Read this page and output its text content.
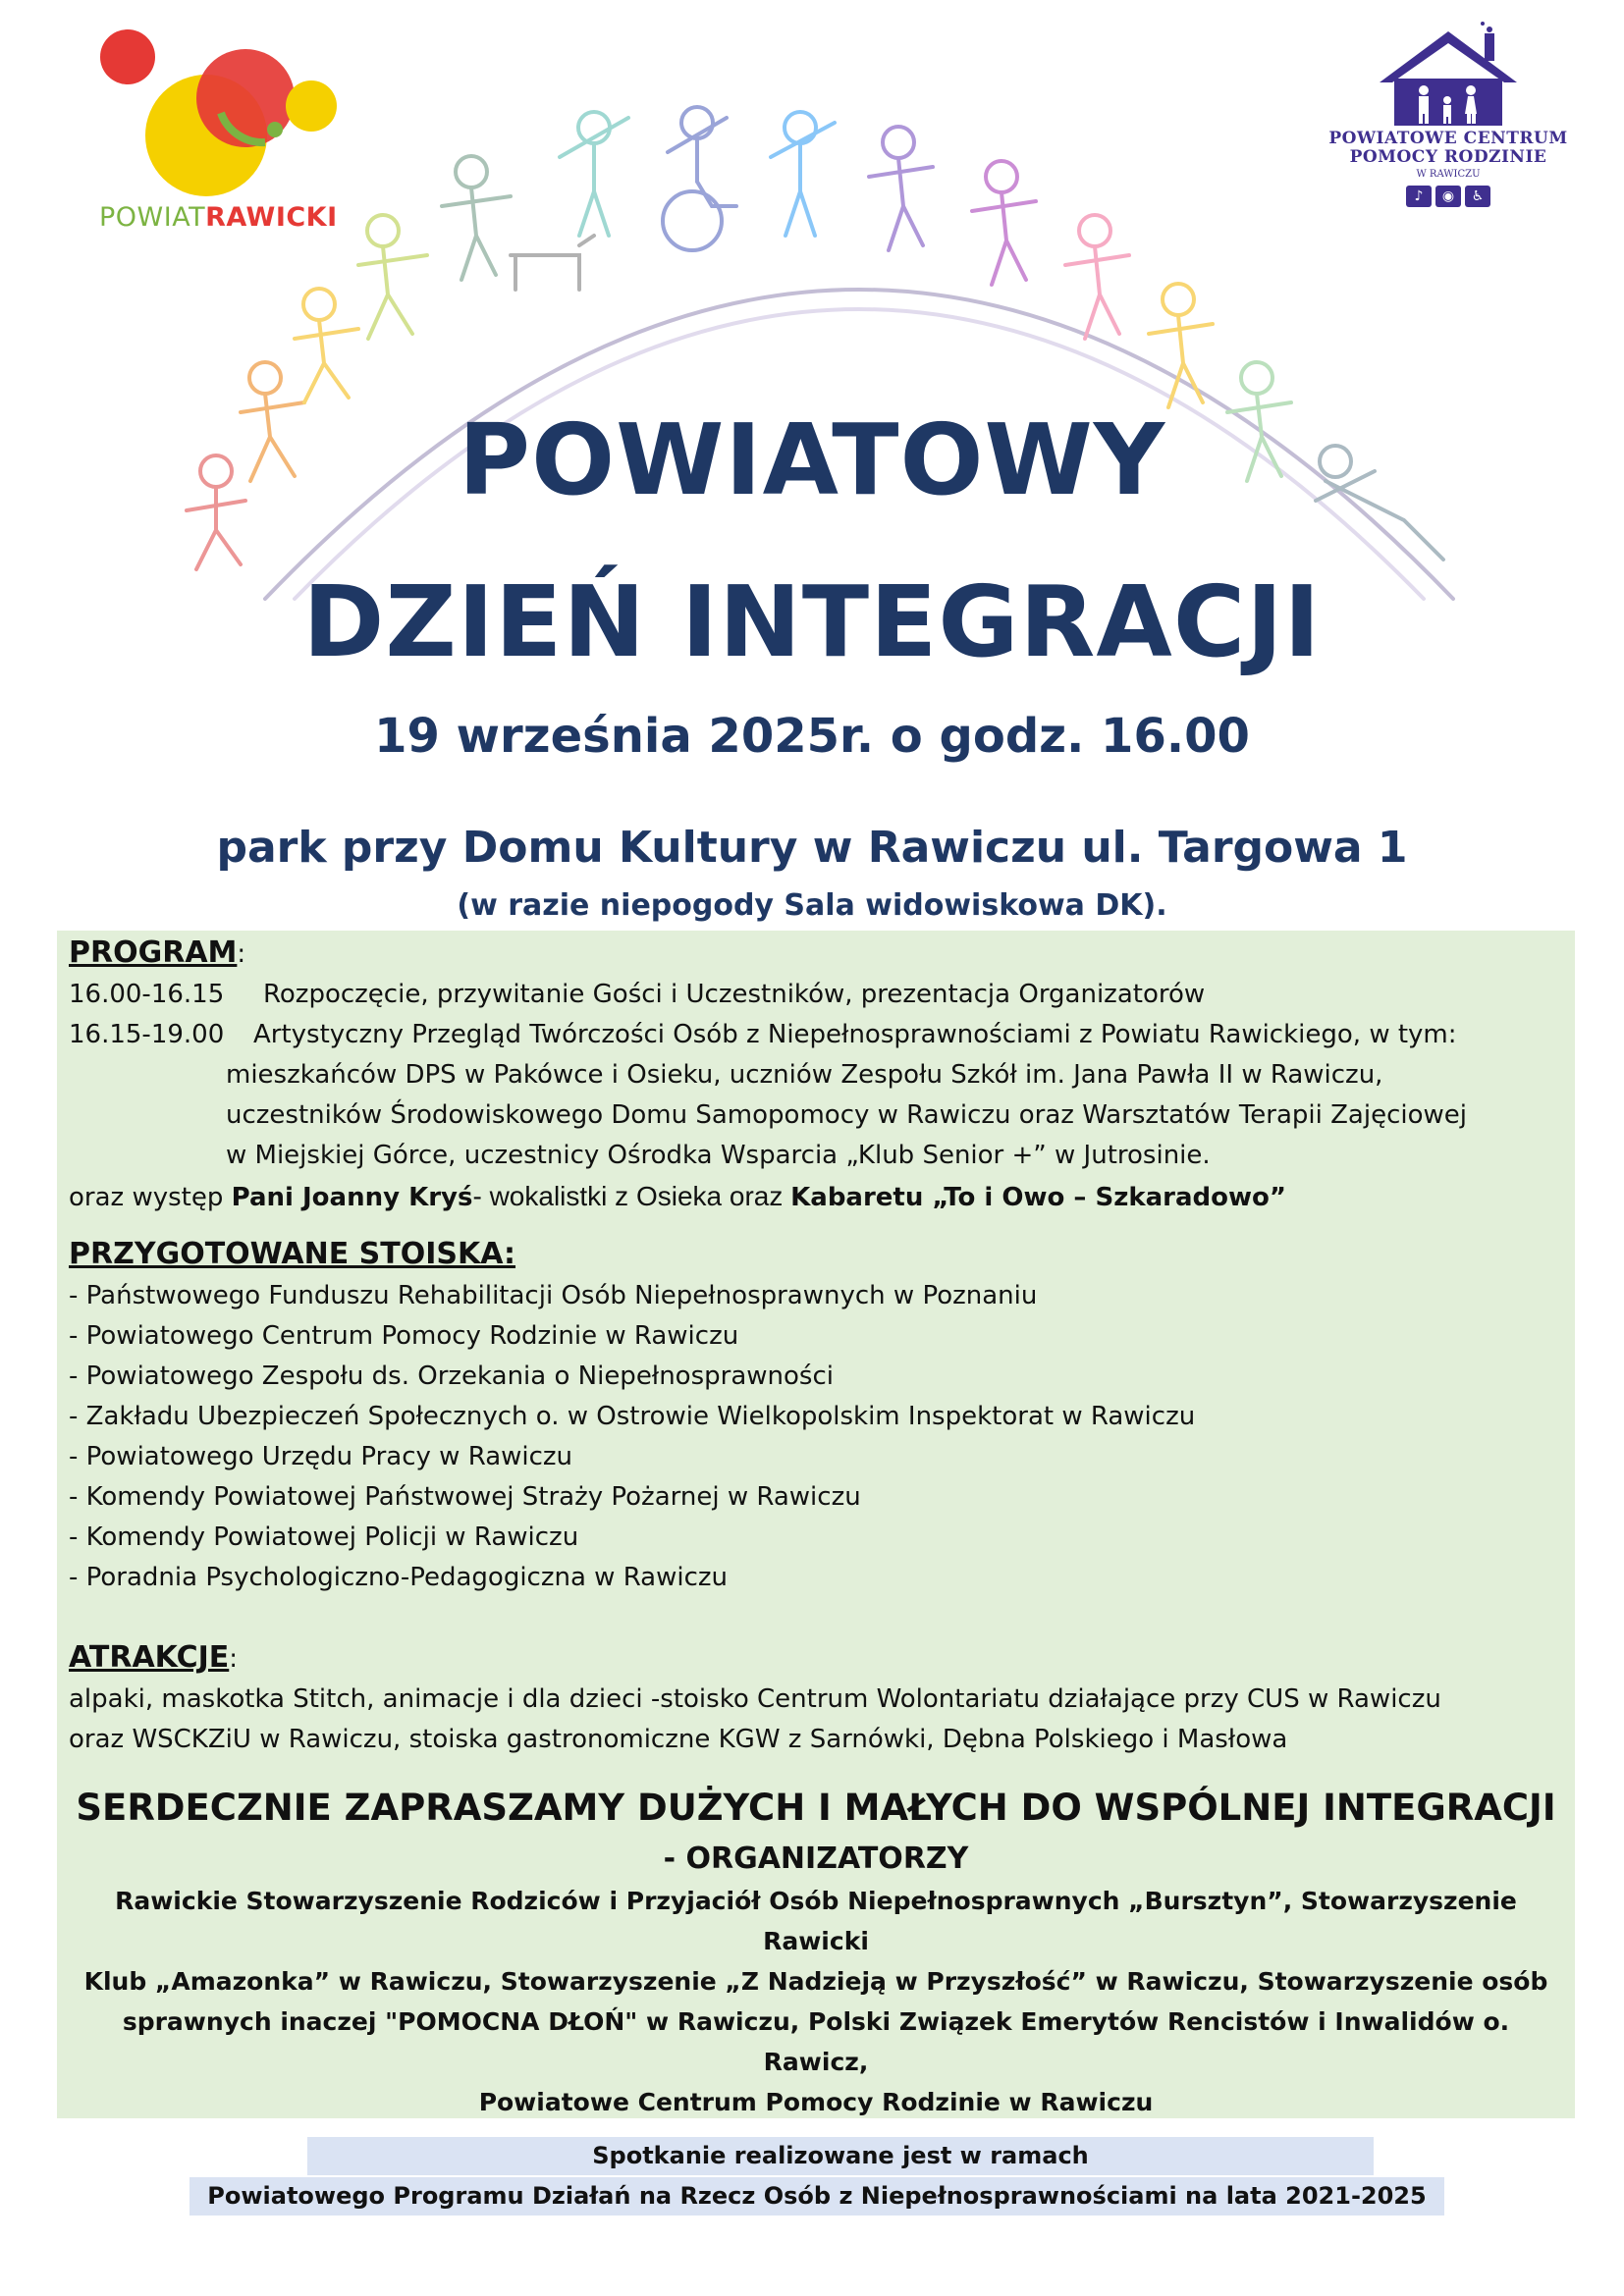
POWIATRAWICKI
POWIATOWE CENTRUM
POMOCY RODZINIE
W RAWICZU
♪	◉	♿
POWIATOWY
DZIEŃ INTEGRACJI
19 września 2025r. o godz. 16.00
park przy Domu Kultury w Rawiczu ul. Targowa 1
(w razie niepogody Sala widowiskowa DK).
PROGRAM:
16.00-16.15	Rozpoczęcie, przywitanie Gości i Uczestników, prezentacja Organizatorów
16.15-19.00	Artystyczny Przegląd Twórczości Osób z Niepełnosprawnościami z Powiatu Rawickiego, w tym:
mieszkańców DPS w Pakówce i Osieku, uczniów Zespołu Szkół im. Jana Pawła II w Rawiczu,
uczestników Środowiskowego Domu Samopomocy w Rawiczu oraz Warsztatów Terapii Zajęciowej
w Miejskiej Górce, uczestnicy Ośrodka Wsparcia „Klub Senior +” w Jutrosinie.
oraz występ Pani Joanny Kryś- wokalistki z Osieka oraz Kabaretu „To i Owo – Szkaradowo”
PRZYGOTOWANE STOISKA:
- Państwowego Funduszu Rehabilitacji Osób Niepełnosprawnych w Poznaniu
- Powiatowego Centrum Pomocy Rodzinie w Rawiczu
- Powiatowego Zespołu ds. Orzekania o Niepełnosprawności
- Zakładu Ubezpieczeń Społecznych o. w Ostrowie Wielkopolskim Inspektorat w Rawiczu
- Powiatowego Urzędu Pracy w Rawiczu
- Komendy Powiatowej Państwowej Straży Pożarnej w Rawiczu
- Komendy Powiatowej Policji w Rawiczu
- Poradnia Psychologiczno-Pedagogiczna w Rawiczu
ATRAKCJE:
alpaki, maskotka Stitch, animacje i dla dzieci -stoisko Centrum Wolontariatu działające przy CUS w Rawiczu
oraz WSCKZiU w Rawiczu, stoiska gastronomiczne KGW z Sarnówki, Dębna Polskiego i Masłowa
SERDECZNIE ZAPRASZAMY DUŻYCH I MAŁYCH DO WSPÓLNEJ INTEGRACJI
- ORGANIZATORZY
Rawickie Stowarzyszenie Rodziców i Przyjaciół Osób Niepełnosprawnych „Bursztyn”, Stowarzyszenie Rawicki
Klub „Amazonka” w Rawiczu, Stowarzyszenie „Z Nadzieją w Przyszłość” w Rawiczu, Stowarzyszenie osób
sprawnych inaczej "POMOCNA DŁOŃ" w Rawiczu, Polski Związek Emerytów Rencistów i Inwalidów o. Rawicz,
Powiatowe Centrum Pomocy Rodzinie w Rawiczu
Spotkanie realizowane jest w ramach
Powiatowego Programu Działań na Rzecz Osób z Niepełnosprawnościami na lata 2021-2025
